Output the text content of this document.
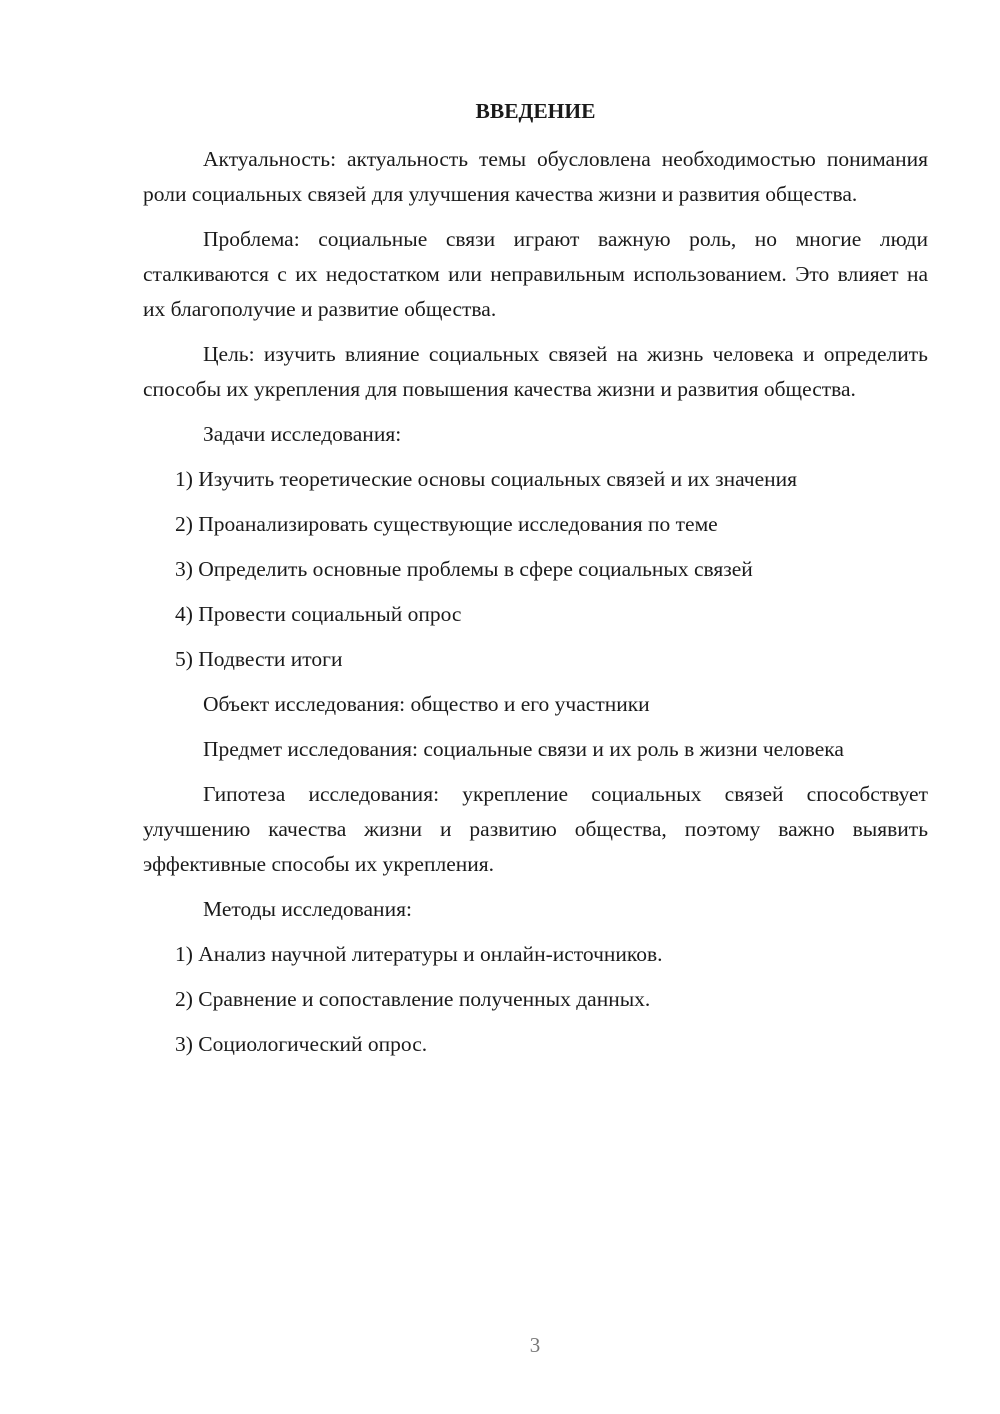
ВВЕДЕНИЕ

Актуальность: актуальность темы обусловлена необходимостью понимания роли социальных связей для улучшения качества жизни и развития общества.

Проблема: социальные связи играют важную роль, но многие люди сталкиваются с их недостатком или неправильным использованием. Это влияет на их благополучие и развитие общества.

Цель: изучить влияние социальных связей на жизнь человека и определить способы их укрепления для повышения качества жизни и развития общества.

Задачи исследования:

1) Изучить теоретические основы социальных связей и их значения

2) Проанализировать существующие исследования по теме

3) Определить основные проблемы в сфере социальных связей

4) Провести социальный опрос

5) Подвести итоги

Объект исследования: общество и его участники

Предмет исследования: социальные связи и их роль в жизни человека

Гипотеза исследования: укрепление социальных связей способствует улучшению качества жизни и развитию общества, поэтому важно выявить эффективные способы их укрепления.

Методы исследования:

1) Анализ научной литературы и онлайн-источников.

2) Сравнение и сопоставление полученных данных.

3) Социологический опрос.

3
